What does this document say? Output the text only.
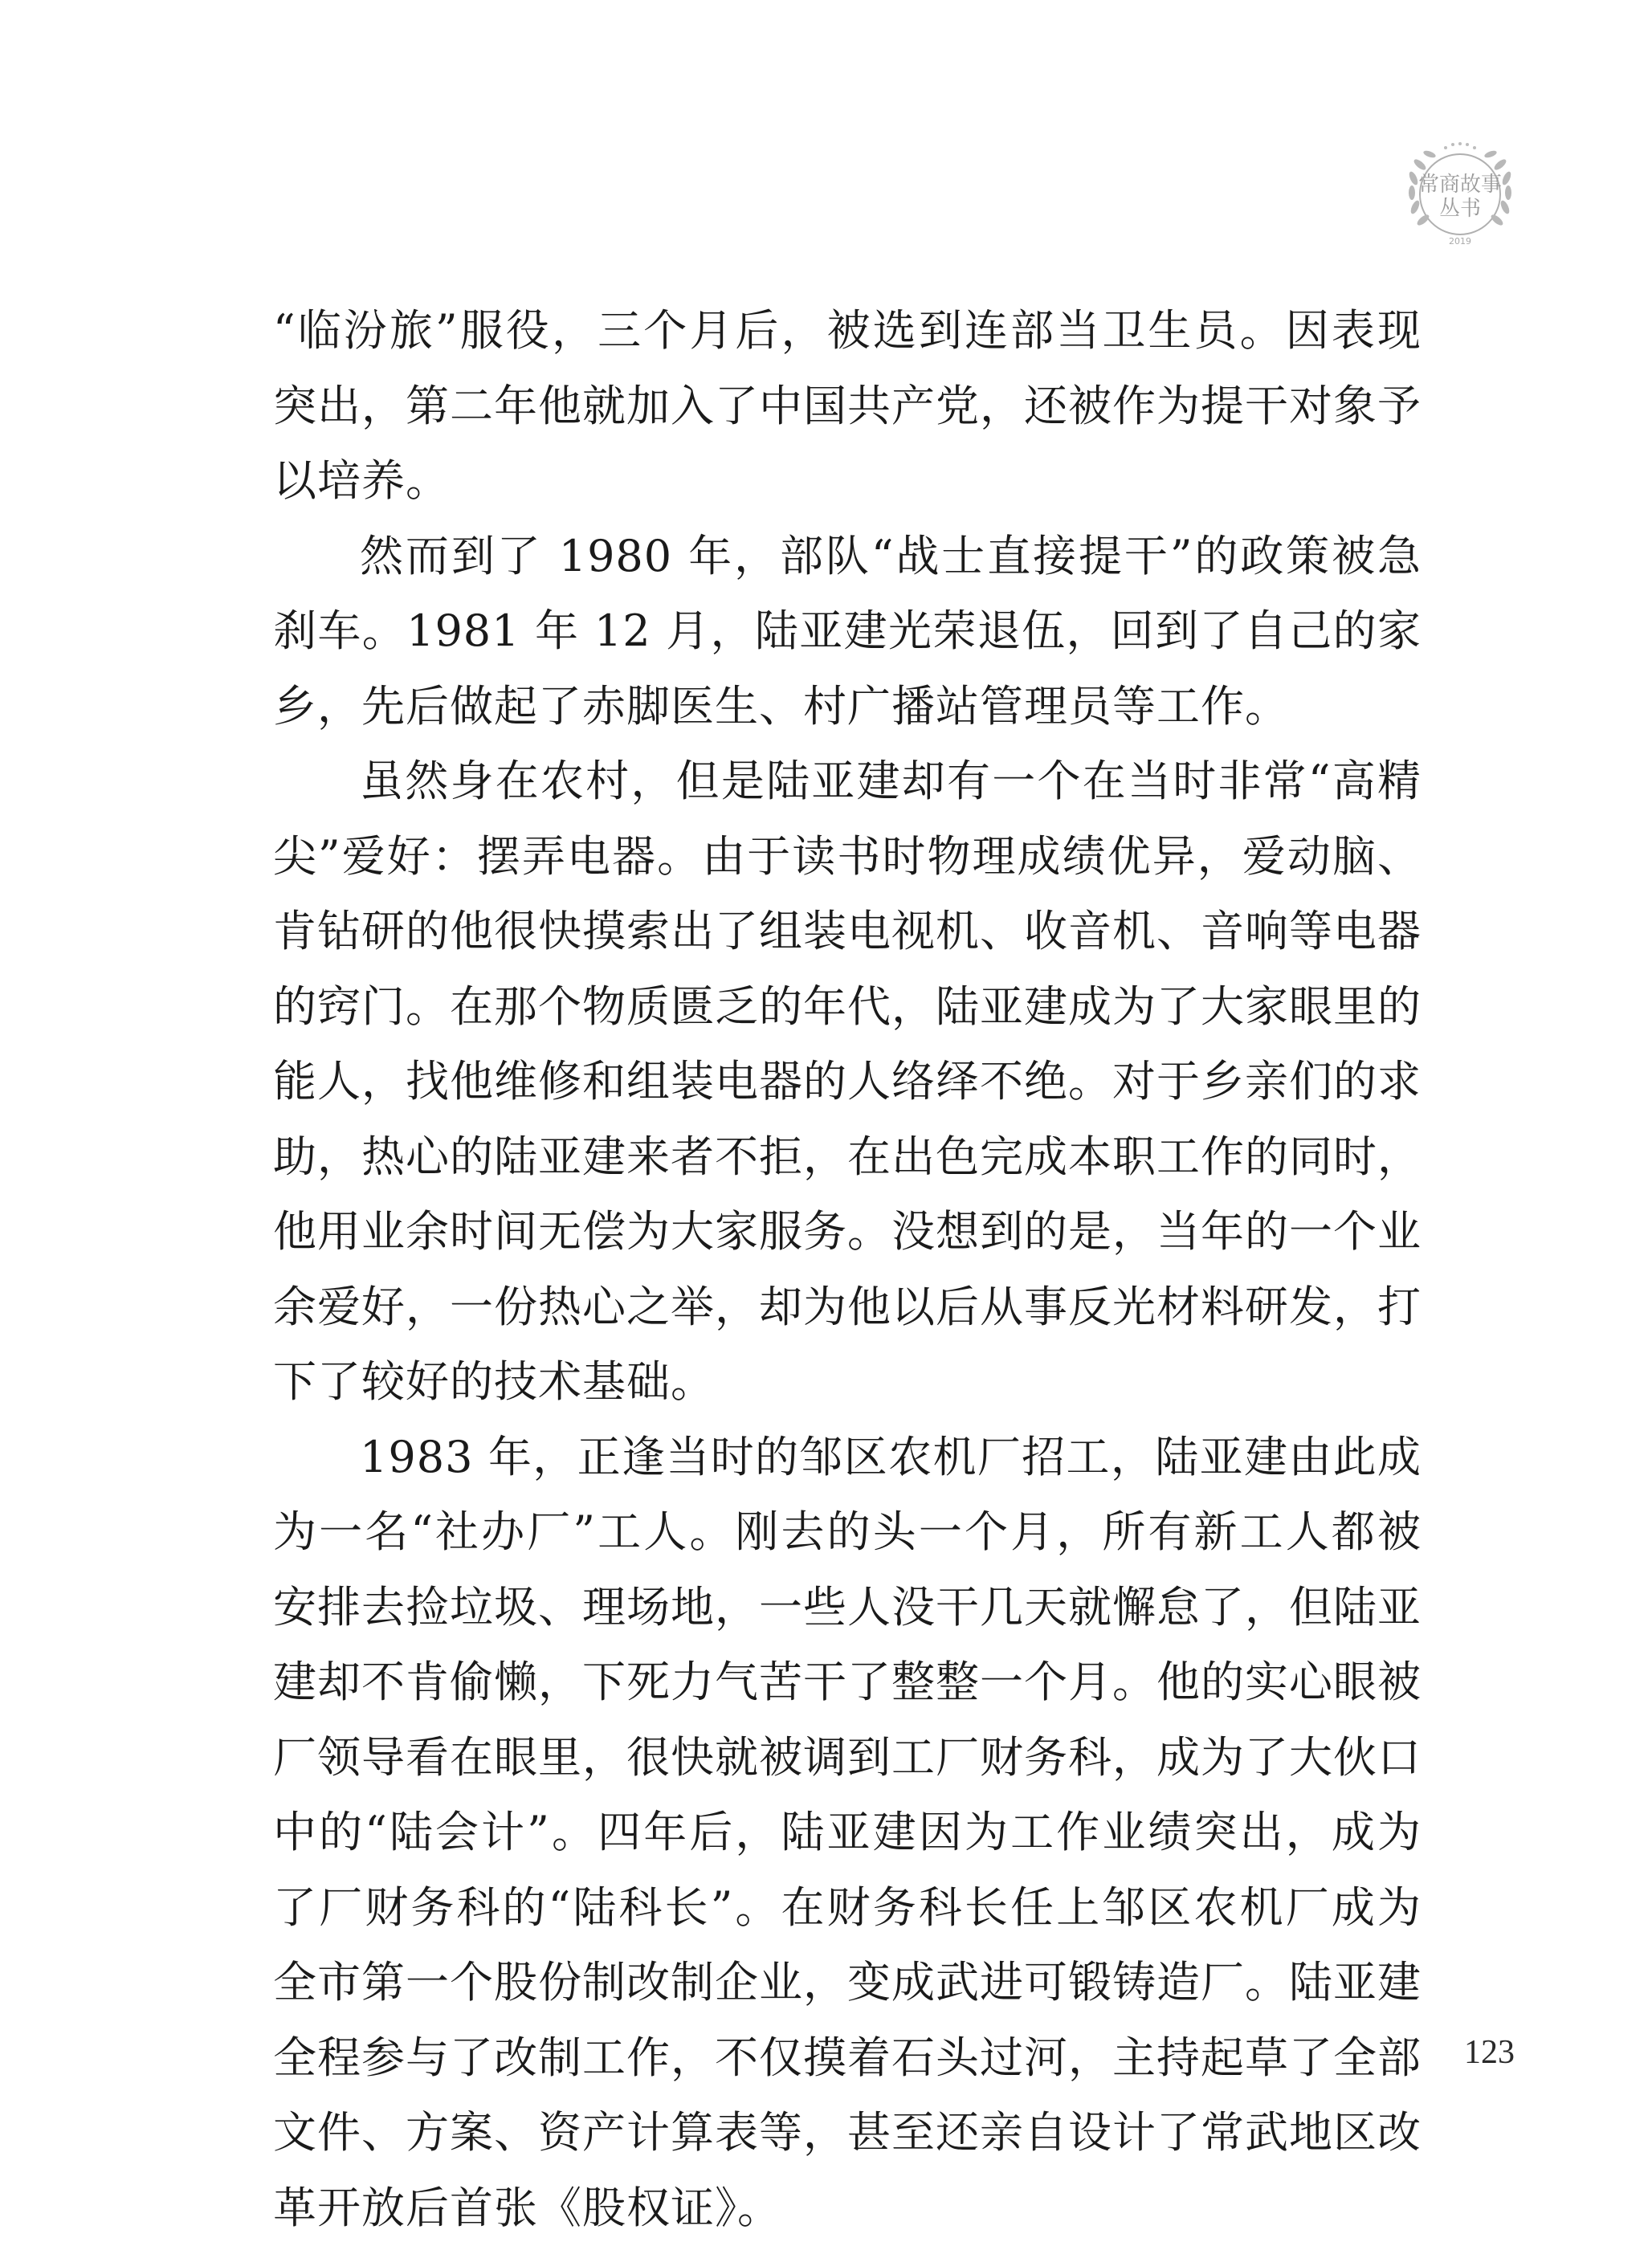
常商故事
丛书
2019

“临汾旅”服役，三个月后，被选到连部当卫生员。因表现突出，第二年他就加入了中国共产党，还被作为提干对象予以培养。

然而到了 1980 年，部队“战士直接提干”的政策被急刹车。1981 年 12 月，陆亚建光荣退伍，回到了自己的家乡，先后做起了赤脚医生、村广播站管理员等工作。

虽然身在农村，但是陆亚建却有一个在当时非常“高精尖”爱好：摆弄电器。由于读书时物理成绩优异，爱动脑、肯钻研的他很快摸索出了组装电视机、收音机、音响等电器的窍门。在那个物质匮乏的年代，陆亚建成为了大家眼里的能人，找他维修和组装电器的人络绎不绝。对于乡亲们的求助，热心的陆亚建来者不拒，在出色完成本职工作的同时，他用业余时间无偿为大家服务。没想到的是，当年的一个业余爱好，一份热心之举，却为他以后从事反光材料研发，打下了较好的技术基础。

1983 年，正逢当时的邹区农机厂招工，陆亚建由此成为一名“社办厂”工人。刚去的头一个月，所有新工人都被安排去捡垃圾、理场地，一些人没干几天就懈怠了，但陆亚建却不肯偷懒，下死力气苦干了整整一个月。他的实心眼被厂领导看在眼里，很快就被调到工厂财务科，成为了大伙口中的“陆会计”。四年后，陆亚建因为工作业绩突出，成为了厂财务科的“陆科长”。在财务科长任上邹区农机厂成为全市第一个股份制改制企业，变成武进可锻铸造厂。陆亚建全程参与了改制工作，不仅摸着石头过河，主持起草了全部文件、方案、资产计算表等，甚至还亲自设计了常武地区改革开放后首张《股权证》。

123
